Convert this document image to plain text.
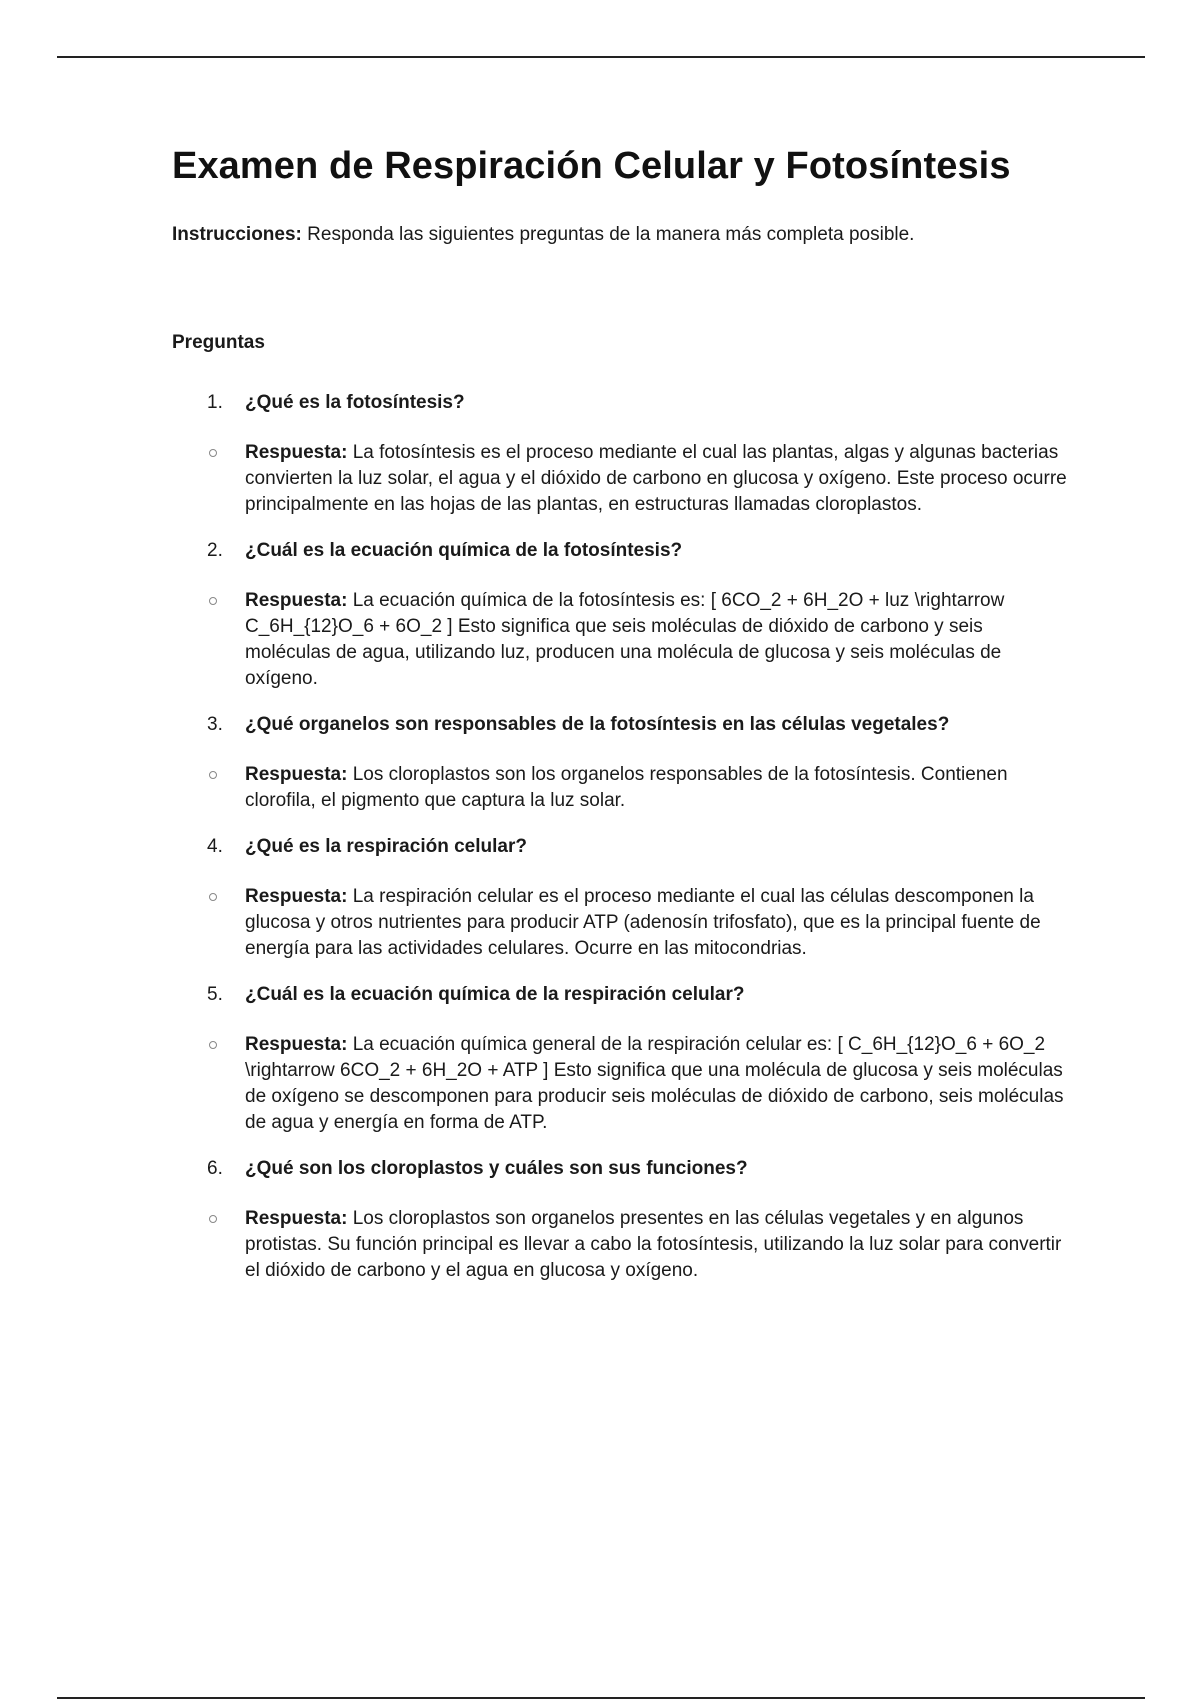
Examen de Respiración Celular y Fotosíntesis
Instrucciones: Responda las siguientes preguntas de la manera más completa posible.
Preguntas
1. ¿Qué es la fotosíntesis?
Respuesta: La fotosíntesis es el proceso mediante el cual las plantas, algas y algunas bacterias convierten la luz solar, el agua y el dióxido de carbono en glucosa y oxígeno. Este proceso ocurre principalmente en las hojas de las plantas, en estructuras llamadas cloroplastos.
2. ¿Cuál es la ecuación química de la fotosíntesis?
Respuesta: La ecuación química de la fotosíntesis es: [ 6CO_2 + 6H_2O + luz \rightarrow C_6H_{12}O_6 + 6O_2 ] Esto significa que seis moléculas de dióxido de carbono y seis moléculas de agua, utilizando luz, producen una molécula de glucosa y seis moléculas de oxígeno.
3. ¿Qué organelos son responsables de la fotosíntesis en las células vegetales?
Respuesta: Los cloroplastos son los organelos responsables de la fotosíntesis. Contienen clorofila, el pigmento que captura la luz solar.
4. ¿Qué es la respiración celular?
Respuesta: La respiración celular es el proceso mediante el cual las células descomponen la glucosa y otros nutrientes para producir ATP (adenosín trifosfato), que es la principal fuente de energía para las actividades celulares. Ocurre en las mitocondrias.
5. ¿Cuál es la ecuación química de la respiración celular?
Respuesta: La ecuación química general de la respiración celular es: [ C_6H_{12}O_6 + 6O_2 \rightarrow 6CO_2 + 6H_2O + ATP ] Esto significa que una molécula de glucosa y seis moléculas de oxígeno se descomponen para producir seis moléculas de dióxido de carbono, seis moléculas de agua y energía en forma de ATP.
6. ¿Qué son los cloroplastos y cuáles son sus funciones?
Respuesta: Los cloroplastos son organelos presentes en las células vegetales y en algunos protistas. Su función principal es llevar a cabo la fotosíntesis, utilizando la luz solar para convertir el dióxido de carbono y el agua en glucosa y oxígeno.
